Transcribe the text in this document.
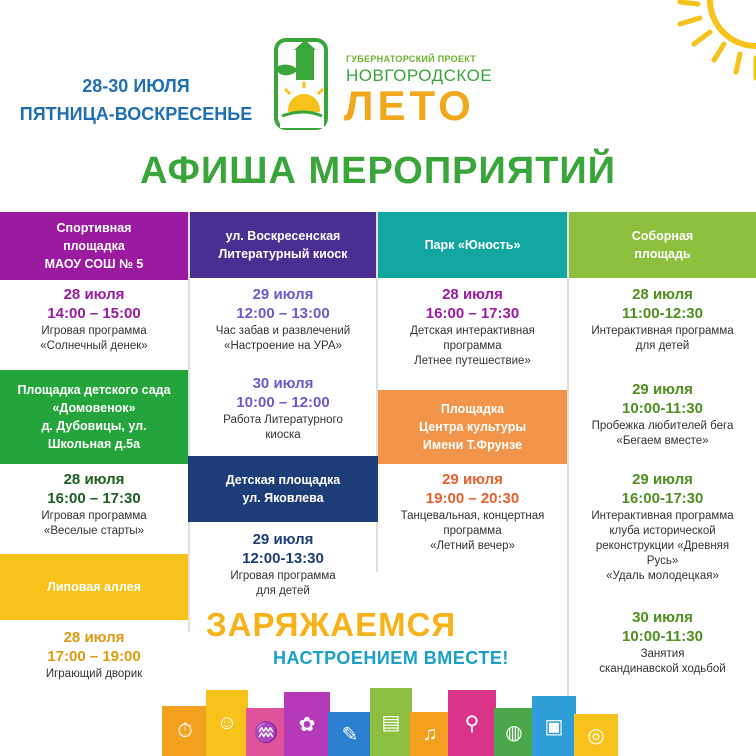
28-30 ИЮЛЯ
ПЯТНИЦА-ВОСКРЕСЕНЬЕ
ГУБЕРНАТОРСКИЙ ПРОЕКТ
НОВГОРОДСКОЕ
ЛЕТО
АФИША МЕРОПРИЯТИЙ
Спортивная
площадка
МАОУ СОШ № 5
28 июля
14:00 – 15:00
Игровая программа
«Солнечный денек»
Площадка детского сада
«Домовенок»
д. Дубовицы, ул.
Школьная д.5а
28 июля
16:00 – 17:30
Игровая программа
«Веселые старты»
Липовая аллея
28 июля
17:00 – 19:00
Играющий дворик
ул. Воскресенская
Литературный киоск
29 июля
12:00 – 13:00
Час забав и развлечений
«Настроение на УРА»
30 июля
10:00 – 12:00
Работа Литературного
киоска
Детская площадка
ул. Яковлева
29 июля
12:00-13:30
Игровая программа
для детей
Парк «Юность»
28 июля
16:00 – 17:30
Детская интерактивная
программа
Летнее путешествие»
Площадка
Центра культуры
Имени Т.Фрунзе
29 июля
19:00 – 20:30
Танцевальная, концертная
программа
«Летний вечер»
Соборная
площадь
28 июля
11:00-12:30
Интерактивная программа
для детей
29 июля
10:00-11:30
Пробежка любителей бега
«Бегаем вместе»
29 июля
16:00-17:30
Интерактивная программа
клуба исторической
реконструкции «Древняя
Русь»
«Удаль молодецкая»
30 июля
10:00-11:30
Занятия
скандинавской ходьбой
ЗАРЯЖАЕМСЯ
НАСТРОЕНИЕМ ВМЕСТЕ!
⏱ ☺ ♒ ✿ ✎
▤ ♫ ⚲ ◍ ▣ ◎
